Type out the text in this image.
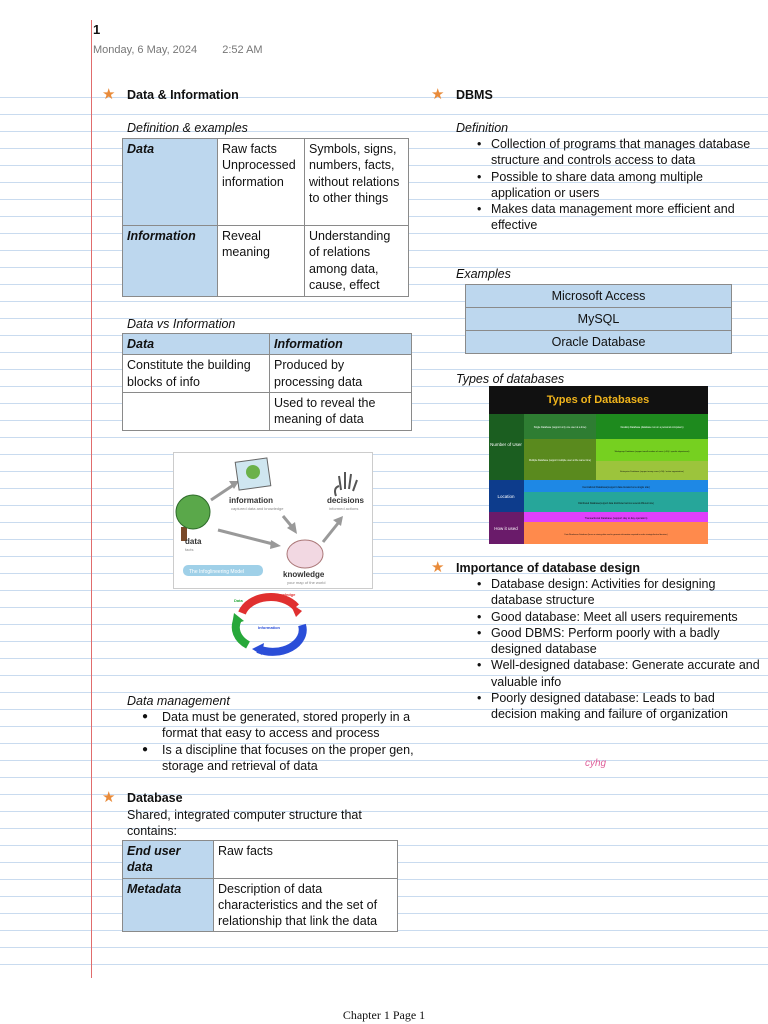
1
Monday, 6 May, 2024 2:52 AM
★ Data & Information
Definition & examples
Data	Raw facts Unprocessed information	Symbols, signs, numbers, facts, without relations to other things
Information	Reveal meaning	Understanding of relations among data, cause, effect
Data vs Information
Data	Information
Constitute the building blocks of info	Produced by processing data
	Used to reveal the meaning of data
data
facts
information
captured data and knowledge
decisions
informed actions
knowledge
your map of the world
The Infoglineering Model
Data
Knowledge
Information
Data management
● Data must be generated, stored properly in a format that easy to access and process
● Is a discipline that focuses on the proper gen, storage and retrieval of data
★ Database
Shared, integrated computer structure that contains:
End user data	Raw facts
Metadata	Description of data characteristics and the set of relationship that link the data
★ DBMS
Definition
• Collection of programs that manages database structure and controls access to data
• Possible to share data among multiple application or users
• Makes data management more efficient and effective
Examples
Microsoft Access
MySQL
Oracle Database
Types of databases
Types of Databases
Number of User
Location
How it used
Single Database (support only one user at a time)	Desktop Database (database run on a personal computers)
Multiple Database (support multiple user at the same time)
Workgroup Database (support small number of users (<50) / specific department)
Enterprise Database (support many users (>50) / entire organization)
Centralized Database(support data located at a single site)
Distributed Database(support data distributed across several different site)
Transactional Database (support day to day operation)
Data Warehouse Database (focus on storing data used to generate information required to make strategic/tactical decision)
★ Importance of database design
• Database design: Activities for designing database structure
• Good database: Meet all users requirements
• Good DBMS: Perform poorly with a badly designed database
• Well-designed database: Generate accurate and valuable info
• Poorly designed database: Leads to bad decision making and failure of organization
cyhg
Chapter 1 Page 1
